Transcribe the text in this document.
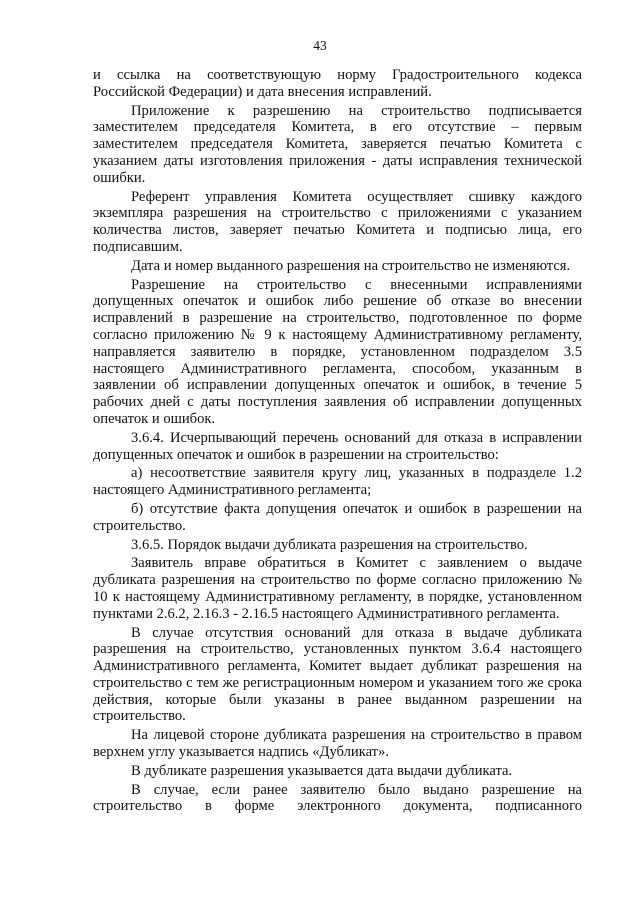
43

и ссылка на соответствующую норму Градостроительного кодекса Российской Федерации) и дата внесения исправлений.

Приложение к разрешению на строительство подписывается заместителем председателя Комитета, в его отсутствие – первым заместителем председателя Комитета, заверяется печатью Комитета с указанием даты изготовления приложения - даты исправления технической ошибки.

Референт управления Комитета осуществляет сшивку каждого экземпляра разрешения на строительство с приложениями с указанием количества листов, заверяет печатью Комитета и подписью лица, его подписавшим.

Дата и номер выданного разрешения на строительство не изменяются.

Разрешение на строительство с внесенными исправлениями допущенных опечаток и ошибок либо решение об отказе во внесении исправлений в разрешение на строительство, подготовленное по форме согласно приложению № 9 к настоящему Административному регламенту, направляется заявителю в порядке, установленном подразделом 3.5 настоящего Административного регламента, способом, указанным в заявлении об исправлении допущенных опечаток и ошибок, в течение 5 рабочих дней с даты поступления заявления об исправлении допущенных опечаток и ошибок.

3.6.4. Исчерпывающий перечень оснований для отказа в исправлении допущенных опечаток и ошибок в разрешении на строительство:

а) несоответствие заявителя кругу лиц, указанных в подразделе 1.2 настоящего Административного регламента;

б) отсутствие факта допущения опечаток и ошибок в разрешении на строительство.

3.6.5. Порядок выдачи дубликата разрешения на строительство.

Заявитель вправе обратиться в Комитет с заявлением о выдаче дубликата разрешения на строительство по форме согласно приложению № 10 к настоящему Административному регламенту, в порядке, установленном пунктами 2.6.2, 2.16.3 - 2.16.5 настоящего Административного регламента.

В случае отсутствия оснований для отказа в выдаче дубликата разрешения на строительство, установленных пунктом 3.6.4 настоящего Административного регламента, Комитет выдает дубликат разрешения на строительство с тем же регистрационным номером и указанием того же срока действия, которые были указаны в ранее выданном разрешении на строительство.

На лицевой стороне дубликата разрешения на строительство в правом верхнем углу указывается надпись «Дубликат».

В дубликате разрешения указывается дата выдачи дубликата.

В случае, если ранее заявителю было выдано разрешение на строительство в форме электронного документа, подписанного
